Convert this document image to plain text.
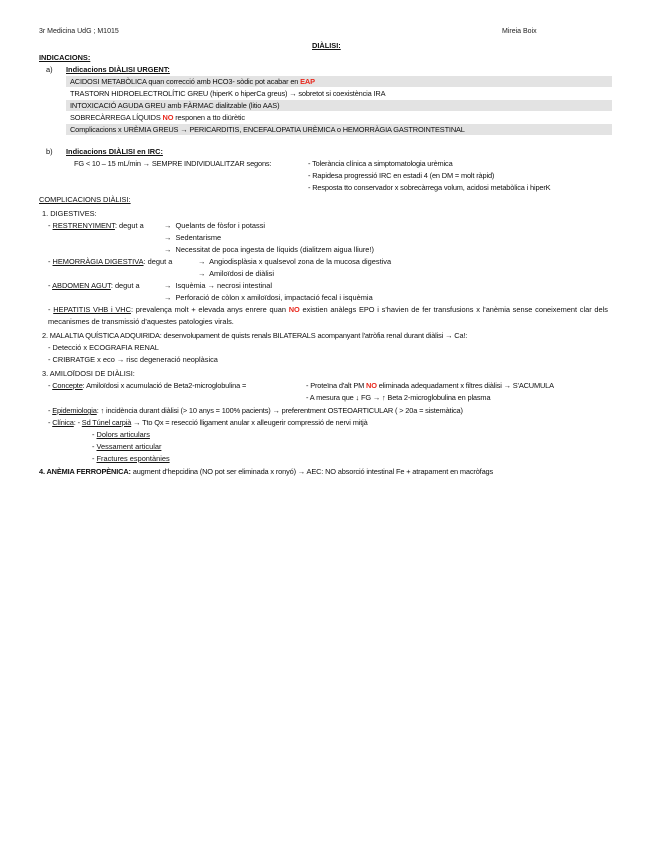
3r Medicina UdG ; M1015	Mireia Boix
DIÀLISI:
INDICACIONS:
a) Indicacions DIÀLISI URGENT:
ACIDOSI METABÒLICA quan correcció amb HCO3- sòdic pot acabar en EAP
TRASTORN HIDROELECTROLÍTIC GREU (hiperK o hiperCa greus) → sobretot si coexistència IRA
INTOXICACIÓ AGUDA GREU amb FÀRMAC dialitzable (litio AAS)
SOBRECÀRREGA LÍQUIDS NO responen a tto diürètic
Complicacions x URÈMIA GREUS → PERICARDITIS, ENCEFALOPATIA URÈMICA o HEMORRÀGIA GASTROINTESTINAL
b) Indicacions DIÀLISI en IRC:
FG < 10 – 15 mL/min → SEMPRE INDIVIDUALITZAR segons:	- Tolerància clínica a simptomatologia urèmica
- Rapidesa progressió IRC en estadi 4 (en DM = molt ràpid)
- Resposta tto conservador x sobrecàrrega volum, acidosi metabòlica i hiperK
COMPLICACIONS DIÀLISI:
1. DIGESTIVES:
- RESTRENYIMENT: degut a	→  Quelants de fòsfor i potassi
→  Sedentarisme
→  Necessitat de poca ingesta de líquids (dialitzem aigua lliure!)
- HEMORRÀGIA DIGESTIVA: degut a	→  Angiodisplàsia x qualsevol zona de la mucosa digestiva
→  Amiloïdosi de diàlisi
- ABDOMEN AGUT: degut a	→  Isquèmia → necrosi intestinal
→  Perforació de còlon x amiloïdosi, impactació fecal i isquèmia
- HEPATITIS VHB i VHC: prevalença molt + elevada anys enrere quan NO existien anàlegs EPO i s'havien de fer transfusions x l'anèmia sense coneixement clar dels mecanismes de transmissió d'aquestes patologies virals.
2. MALALTIA QUÍSTICA ADQUIRIDA: desenvolupament de quists renals BILATERALS acompanyant l'atròfia renal durant diàlisi → Ca!:
- Detecció x ECOGRAFIA RENAL
- CRIBRATGE x eco → risc degeneració neoplàsica
3. AMILOÏDOSI DE DIÀLISI:
- Concepte: Amiloïdosi x acumulació de Beta2-microglobulina =	- Proteïna d'alt PM NO eliminada adequadament x filtres diàlisi → S'ACUMULA
- A mesura que ↓ FG → ↑ Beta 2-microglobulina en plasma
- Epidemiologia: ↑ incidència durant diàlisi (> 10 anys = 100% pacients) → preferentment OSTEOARTICULAR ( > 20a = sistemàtica)
- Clínica: - Sd Túnel carpià → Tto Qx = resecció lligament anular x alleugerir compressió de nervi mitjà
- Dolors articulars
- Vessament articular
- Fractures espontànies
4. ANÈMIA FERROPÈNICA: augment d'hepcidina (NO pot ser eliminada x ronyó) → AEC: NO absorció intestinal Fe + atrapament en macròfags
